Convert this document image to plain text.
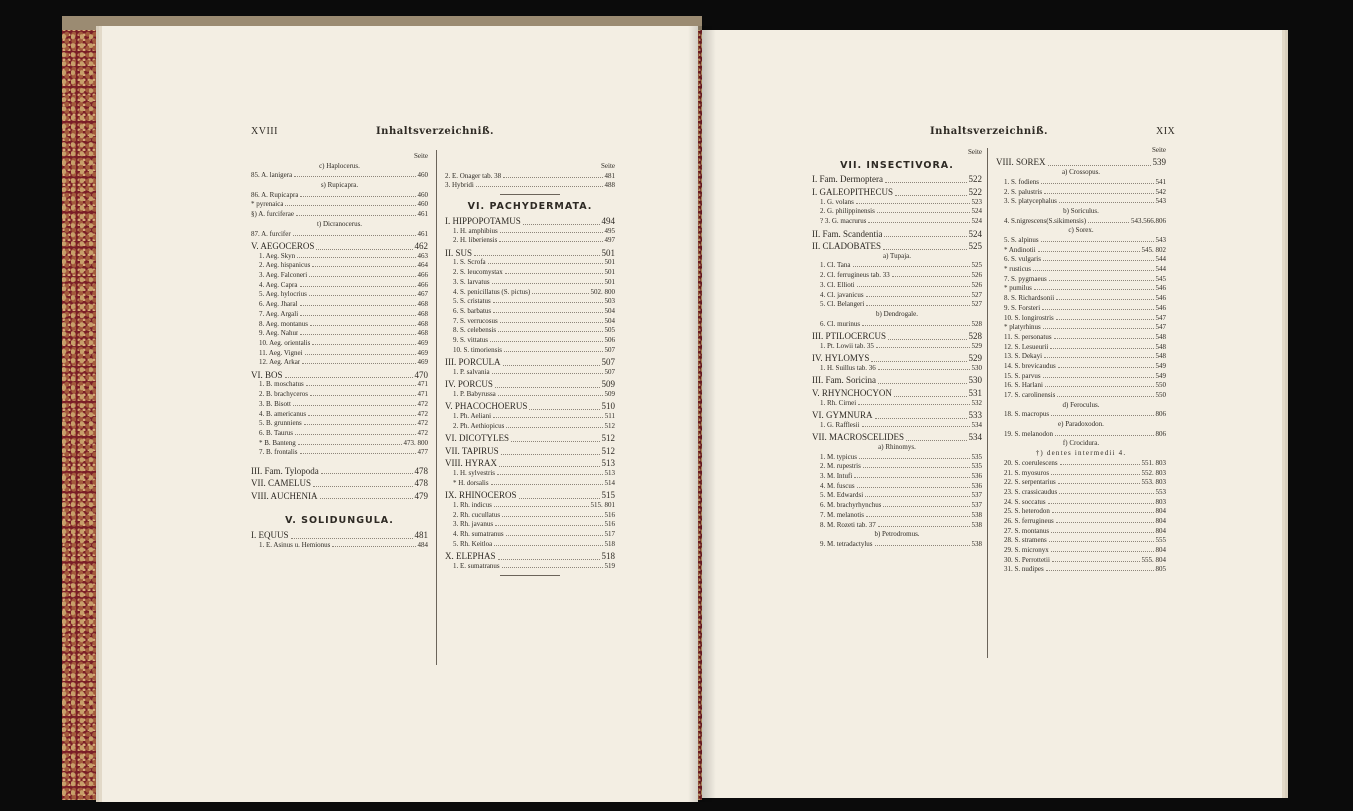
XVIII	Inhaltsverzeichniß.	Inhaltsverzeichniß.	XIX
Seite
c) Haplocerus.
85. A. lanigera	460
s) Rupicapra.
86. A. Rupicapra	460
* pyrenaica	460
§) A. furciferae	461
t) Dicranocerus.
87. A. furcifer	461
V. AEGOCEROS	462
1. Aeg. Skyn	463
2. Aeg. hispanicus	464
3. Aeg. Falconeri	466
4. Aeg. Capra	466
5. Aeg. hylocrius	467
6. Aeg. Jharal	468
7. Aeg. Argali	468
8. Aeg. montanus	468
9. Aeg. Nahur	468
10. Aeg. orientalis	469
11. Aeg. Vignei	469
12. Aeg. Arkar	469
VI. BOS	470
1. B. moschatus	471
2. B. brachyceros	471
3. B. Bisott	472
4. B. americanus	472
5. B. grunniens	472
6. B. Taurus	472
* B. Banteng	473. 800
7. B. frontalis	477
III. Fam. Tylopoda	478
VII. CAMELUS	478
VIII. AUCHENIA	479
V. SOLIDUNGULA.
I. EQUUS	481
1. E. Asinus u. Hemionus	484
Seite
2. E. Onager tab. 38	481
3. Hybridi	488
VI. PACHYDERMATA.
I. HIPPOPOTAMUS	494
1. H. amphibius	495
2. H. liberiensis	497
II. SUS	501
1. S. Scrofa	501
2. S. leucomystax	501
3. S. larvatus	501
4. S. penicillatus (S. pictus)	502. 800
5. S. cristatus	503
6. S. barbatus	504
7. S. verrucosus	504
8. S. celebensis	505
9. S. vittatus	506
10. S. timoriensis	507
III. PORCULA	507
1. P. salvania	507
IV. PORCUS	509
1. P. Babyrussa	509
V. PHACOCHOERUS	510
1. Ph. Aeliani	511
2. Ph. Aethiopicus	512
VI. DICOTYLES	512
VII. TAPIRUS	512
VIII. HYRAX	513
1. H. sylvestris	513
* H. dorsalis	514
IX. RHINOCEROS	515
1. Rh. indicus	515. 801
2. Rh. cucullatus	516
3. Rh. javanus	516
4. Rh. sumatranus	517
5. Rh. Keitloa	518
X. ELEPHAS	518
1. E. sumatranus	519
Seite
VII. INSECTIVORA.
I. Fam. Dermoptera	522
I. GALEOPITHECUS	522
1. G. volans	523
2. G. philippinensis	524
? 3. G. macrurus	524
II. Fam. Scandentia	524
II. CLADOBATES	525
a) Tupaja.
1. Cl. Tana	525
2. Cl. ferrugineus tab. 33	526
3. Cl. Ellioti	526
4. Cl. javanicus	527
5. Cl. Belangeri	527
b) Dendrogale.
6. Cl. murinus	528
III. PTILOCERCUS	528
1. Pt. Lowii tab. 35	529
IV. HYLOMYS	529
1. H. Suillus tab. 36	530
III. Fam. Soricina	530
V. RHYNCHOCYON	531
1. Rh. Cirnei	532
VI. GYMNURA	533
1. G. Rafflesii	534
VII. MACROSCELIDES	534
a) Rhinomys.
1. M. typicus	535
2. M. rupestris	535
3. M. Intufi	536
4. M. fuscus	536
5. M. Edwardsi	537
6. M. brachyrhynchus	537
7. M. melanotis	538
8. M. Rozeti tab. 37	538
b) Petrodromus.
9. M. tetradactylus	538
Seite
VIII. SOREX	539
a) Crossopus.
1. S. fodiens	541
2. S. palustris	542
3. S. platycephalus	543
b) Soriculus.
4. S.nigrescens(S.sikimensis)	543.566.806
c) Sorex.
5. S. alpinus	543
* Andinotii	545. 802
6. S. vulgaris	544
* rusticus	544
7. S. pygmaeus	545
* pumilus	546
8. S. Richardsonii	546
9. S. Forsteri	546
10. S. longirostris	547
* platyrhinus	547
11. S. personatus	548
12. S. Lesueurii	548
13. S. Dekayi	548
14. S. brevicaudus	549
15. S. parvus	549
16. S. Harlani	550
17. S. carolinensis	550
d) Feroculus.
18. S. macropus	806
e) Paradoxodon.
19. S. melanodon	806
f) Crocidura.
†) dentes intermedii 4.
20. S. coerulescens	551. 803
21. S. myosuros	552. 803
22. S. serpentarius	553. 803
23. S. crassicaudus	553
24. S. soccatus	803
25. S. heterodon	804
26. S. ferrugineus	804
27. S. montanus	804
28. S. stramens	555
29. S. micronyx	804
30. S. Perrottetii	555. 804
31. S. nudipes	805
